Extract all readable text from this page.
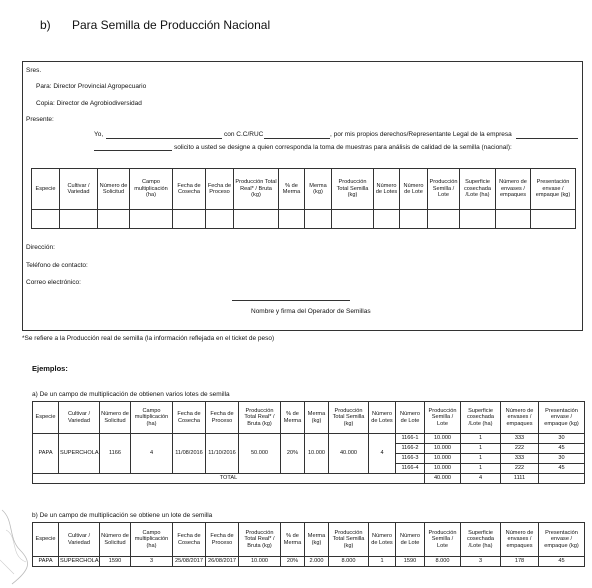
b) Para Semilla de Producción Nacional
Sres.
Para: Director Provincial Agropecuario
Copia: Director de Agrobiodiversidad
Presente:
Yo,	con C.C/RUC	, por mis propios derechos/Representante Legal de la empresa
solicito a usted se designe a quien corresponda la toma de muestras para análisis de calidad de la semilla (nacional):
Especie	Cultivar / Variedad	Número de Solicitud	Campo multiplicación (ha)	Fecha de Cosecha	Fecha de Proceso	Producción Total Real* / Bruta (kg)	% de Merma	Merma (kg)	Producción Total Semilla (kg)	Número de Lotes	Número de Lote	Producción Semilla / Lote	Superficie cosechada /Lote (ha)	Número de envases / empaques	Presentación envase / empaque (kg)

Dirección:
Teléfono de contacto:
Correo electrónico:
Nombre y firma del Operador de Semillas
*Se refiere a la Producción real de semilla (la información reflejada en el ticket de peso)
Ejemplos:
a) De un campo de multiplicación de obtienen varios lotes de semilla
Especie	Cultivar / Variedad	Número de Solicitud	Campo multiplicación (ha)	Fecha de Cosecha	Fecha de Proceso	Producción Total Real* / Bruta (kg)	% de Merma	Merma (kg)	Producción Total Semilla (kg)	Número de Lotes	Número de Lote	Producción Semilla / Lote	Superficie cosechada /Lote (ha)	Número de envases / empaques	Presentación envase / empaque (kg)
PAPA	SUPERCHOLA	1166	4	11/08/2016	11/10/2016	50.000	20%	10.000	40.000	4	1166-1	10.000	1	333	30
											1166-2	10.000	1	222	45
											1166-3	10.000	1	333	30
											1166-4	10.000	1	222	45
TOTAL												40.000	4	1111	
b) De un campo de multiplicación se obtiene un lote de semilla
Especie	Cultivar / Variedad	Número de Solicitud	Campo multiplicación (ha)	Fecha de Cosecha	Fecha de Proceso	Producción Total Real* / Bruta (kg)	% de Merma	Merma (kg)	Producción Total Semilla (kg)	Número de Lotes	Número de Lote	Producción Semilla / Lote	Superficie cosechada /Lote (ha)	Número de envases / empaques	Presentación envase / empaque (kg)
PAPA	SUPERCHOLA	1590	3	25/08/2017	26/08/2017	10.000	20%	2.000	8.000	1	1590	8.000	3	178	45
